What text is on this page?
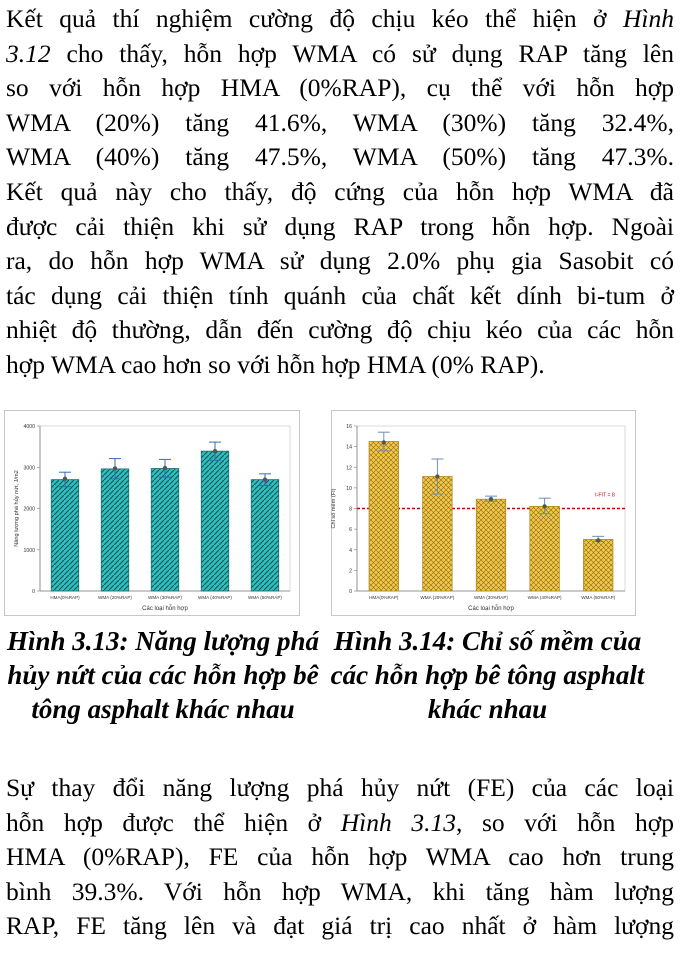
Kết quả thí nghiệm cường độ chịu kéo thể hiện ở Hình
3.12 cho thấy, hỗn hợp WMA có sử dụng RAP tăng lên
so với hỗn hợp HMA (0%RAP), cụ thể với hỗn hợp
WMA (20%) tăng 41.6%, WMA (30%) tăng 32.4%,
WMA (40%) tăng 47.5%, WMA (50%) tăng 47.3%.
Kết quả này cho thấy, độ cứng của hỗn hợp WMA đã
được cải thiện khi sử dụng RAP trong hỗn hợp. Ngoài
ra, do hỗn hợp WMA sử dụng 2.0% phụ gia Sasobit có
tác dụng cải thiện tính quánh của chất kết dính bi-tum ở
nhiệt độ thường, dẫn đến cường độ chịu kéo của các hỗn
hợp WMA cao hơn so với hỗn hợp HMA (0% RAP).
0
1000
2000
3000
4000
HMA(0%RAP)	WMA (20%RAP)	WMA (30%RAP)	WMA (40%RAP)	WMA (50%RAP)
Các loại hỗn hợp
Năng lượng phá hủy nứt, J/m2
0
2
4
6
8
10
12
14
16
HMA(0%RAP)	WMA (20%RAP)	WMA (30%RAP)	WMA (40%RAP)	WMA (50%RAP)
I-FIT = 8
Các loại hỗn hợp
Chỉ số mềm (FI)
Hình 3.13: Năng lượng phá hủy nứt của các hỗn hợp bê tông asphalt khác nhau
Hình 3.14: Chỉ số mềm của các hỗn hợp bê tông asphalt khác nhau
Sự thay đổi năng lượng phá hủy nứt (FE) của các loại
hỗn hợp được thể hiện ở Hình 3.13, so với hỗn hợp
HMA (0%RAP), FE của hỗn hợp WMA cao hơn trung
bình 39.3%. Với hỗn hợp WMA, khi tăng hàm lượng
RAP, FE tăng lên và đạt giá trị cao nhất ở hàm lượng
